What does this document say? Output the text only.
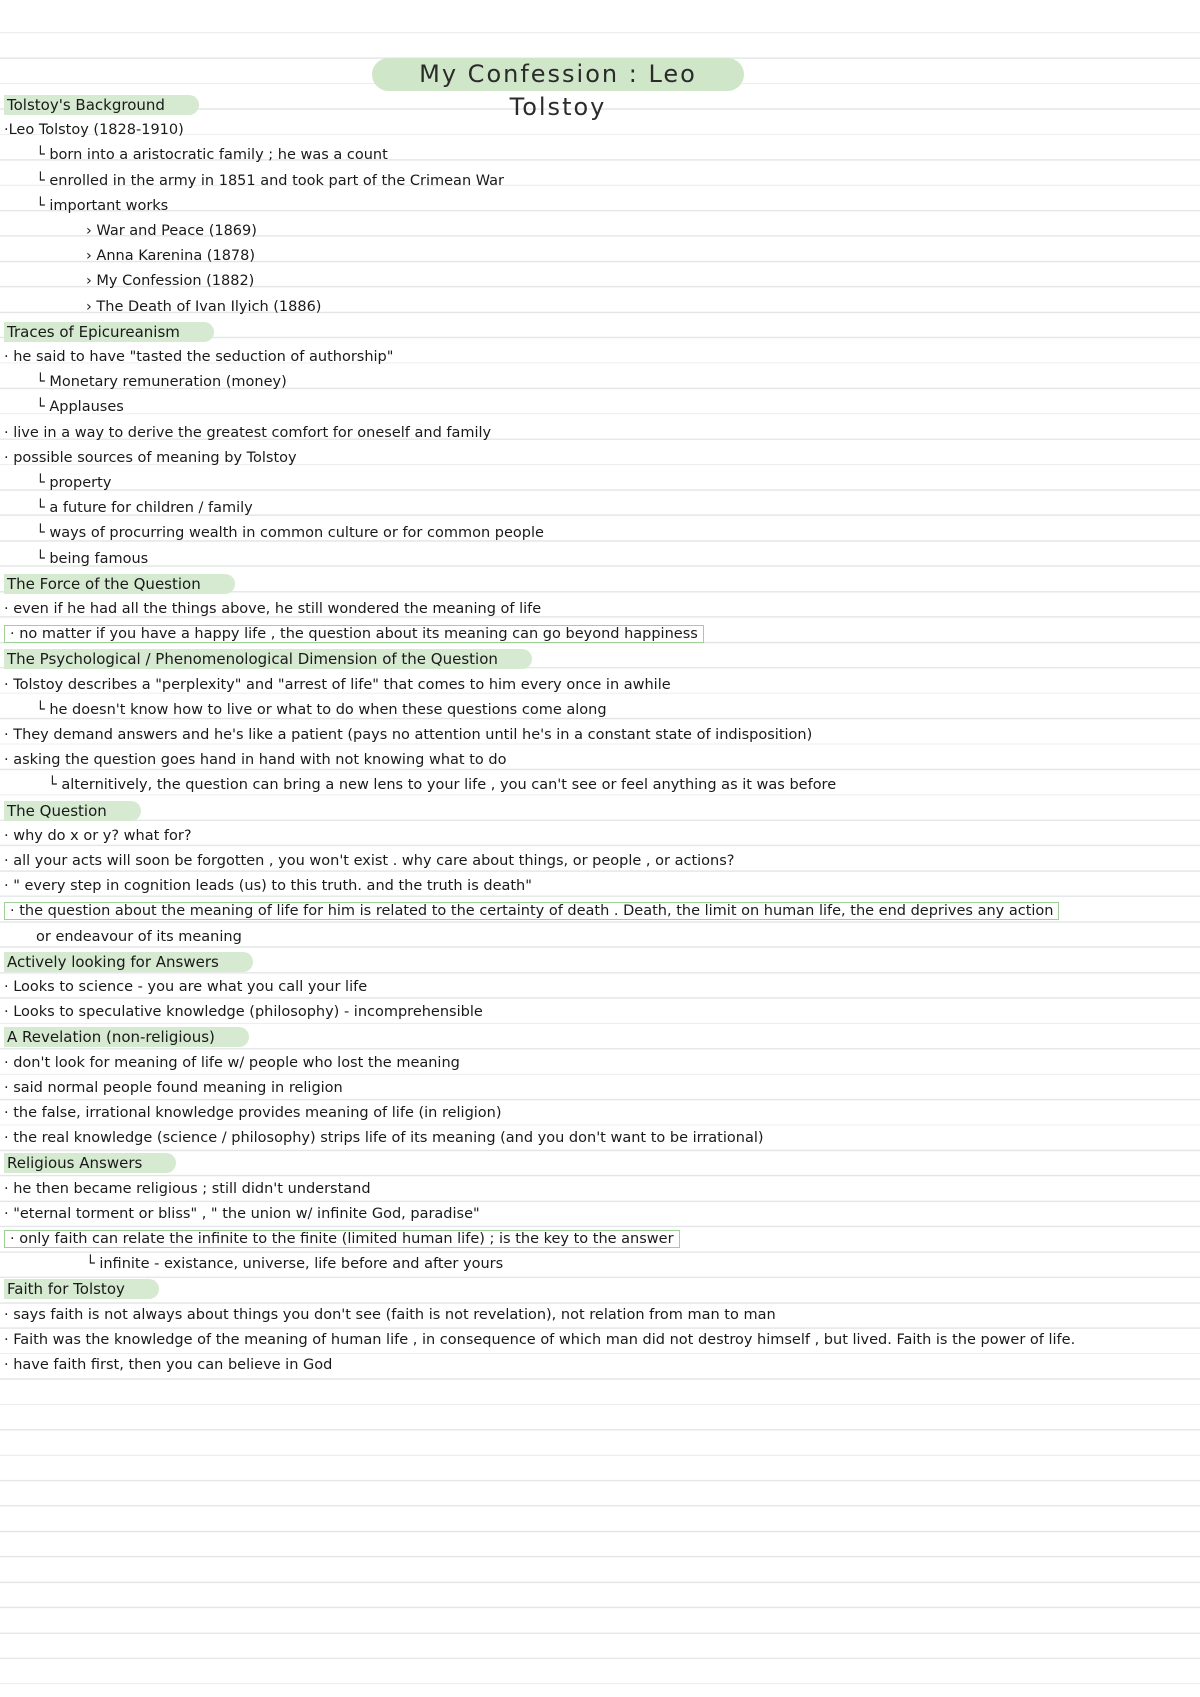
My Confession : Leo Tolstoy
Tolstoy's Background
·Leo Tolstoy (1828-1910)
└ born into a aristocratic family ; he was a count
└ enrolled in the army in 1851 and took part of the Crimean War
└ important works
› War and Peace (1869)
› Anna Karenina (1878)
› My Confession (1882)
› The Death of Ivan Ilyich (1886)
Traces of Epicureanism
· he said to have "tasted the seduction of authorship"
└ Monetary remuneration (money)
└ Applauses
· live in a way to derive the greatest comfort for oneself and family
· possible sources of meaning by Tolstoy
└ property
└ a future for children / family
└ ways of procurring wealth in common culture or for common people
└ being famous
The Force of the Question
· even if he had all the things above, he still wondered the meaning of life
· no matter if you have a happy life , the question about its meaning can go beyond happiness
The Psychological / Phenomenological Dimension of the Question
· Tolstoy describes a "perplexity" and "arrest of life" that comes to him every once in awhile
└ he doesn't know how to live or what to do when these questions come along
· They demand answers and he's like a patient (pays no attention until he's in a constant state of indisposition)
· asking the question goes hand in hand with not knowing what to do
└ alternitively, the question can bring a new lens to your life , you can't see or feel anything as it was before
The Question
· why do x or y? what for?
· all your acts will soon be forgotten , you won't exist . why care about things, or people , or actions?
· " every step in cognition leads (us) to this truth. and the truth is death"
· the question about the meaning of life for him is related to the certainty of death . Death, the limit on human life, the end deprives any action
or endeavour of its meaning
Actively looking for Answers
· Looks to science - you are what you call your life
· Looks to speculative knowledge (philosophy) - incomprehensible
A Revelation (non-religious)
· don't look for meaning of life w/ people who lost the meaning
· said normal people found meaning in religion
· the false, irrational knowledge provides meaning of life (in religion)
· the real knowledge (science / philosophy) strips life of its meaning (and you don't want to be irrational)
Religious Answers
· he then became religious ; still didn't understand
· "eternal torment or bliss" , " the union w/ infinite God, paradise"
· only faith can relate the infinite to the finite (limited human life) ; is the key to the answer
└ infinite - existance, universe, life before and after yours
Faith for Tolstoy
· says faith is not always about things you don't see (faith is not revelation), not relation from man to man
· Faith was the knowledge of the meaning of human life , in consequence of which man did not destroy himself , but lived. Faith is the power of life.
· have faith first, then you can believe in God
